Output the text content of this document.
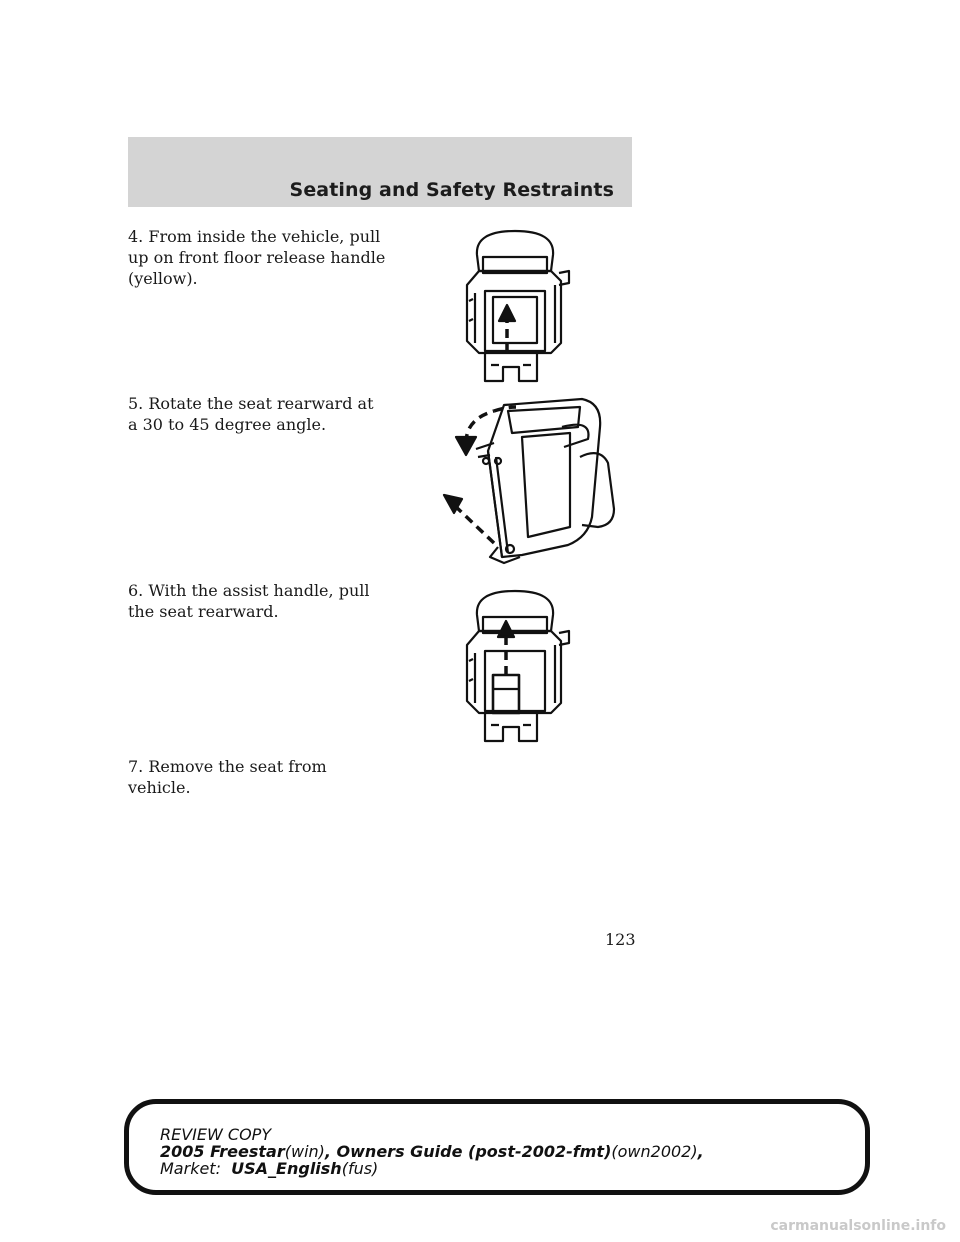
Seating and Safety Restraints
4. From inside the vehicle, pull up on front floor release handle (yellow).
5. Rotate the seat rearward at a 30 to 45 degree angle.
6. With the assist handle, pull the seat rearward.
7. Remove the seat from vehicle.
123
REVIEW COPY
2005 Freestar(win), Owners Guide (post-2002-fmt)(own2002),
Market: USA_English(fus)
carmanualsonline.info
